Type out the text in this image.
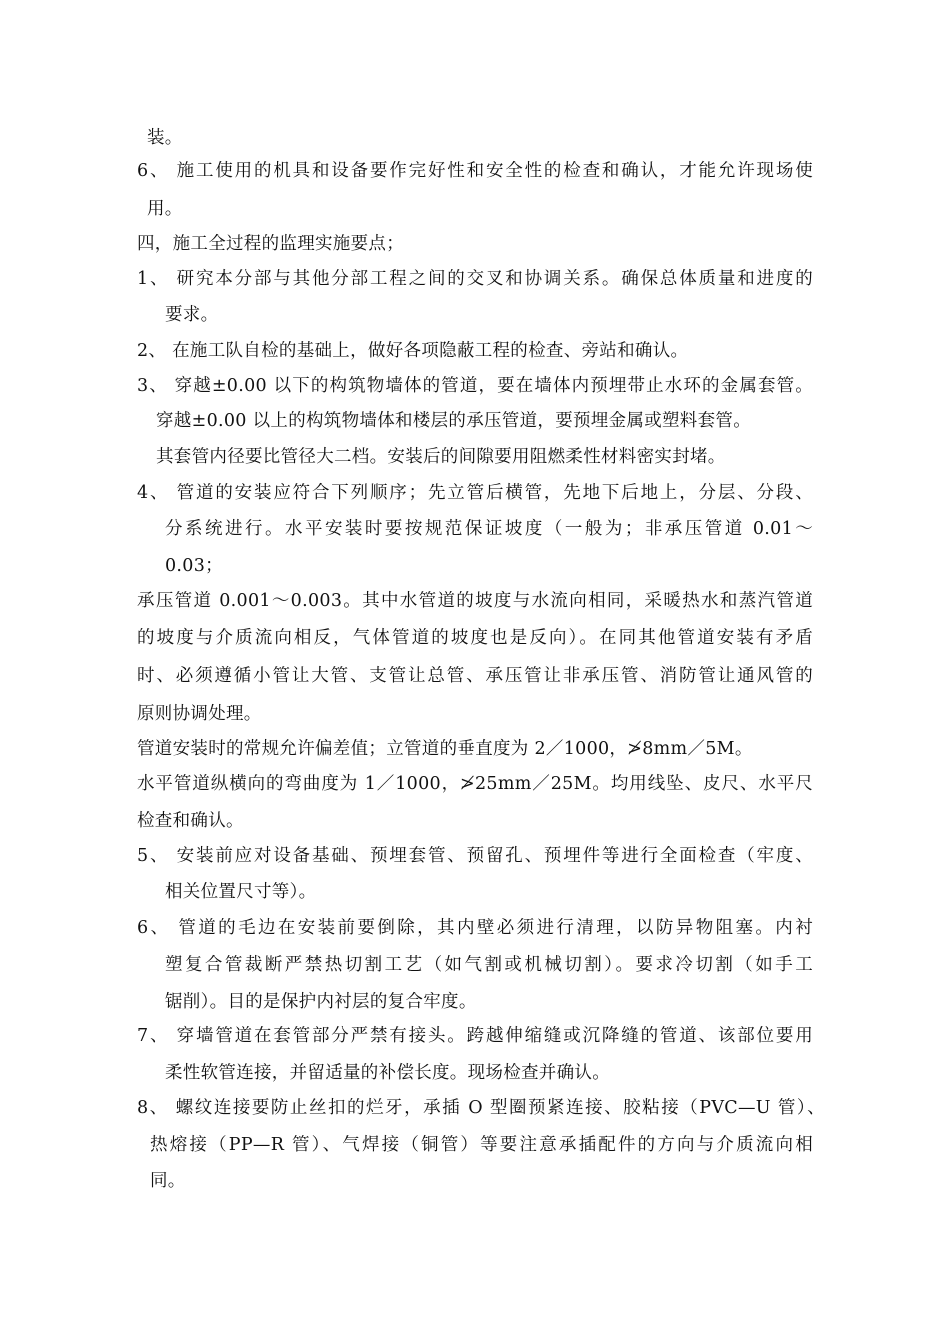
装。
6、 施工使用的机具和设备要作完好性和安全性的检查和确认，才能允许现场使
用。
四，施工全过程的监理实施要点；
1、 研究本分部与其他分部工程之间的交叉和协调关系。确保总体质量和进度的
要求。
2、 在施工队自检的基础上，做好各项隐蔽工程的检查、旁站和确认。
3、 穿越±0.00 以下的构筑物墙体的管道，要在墙体内预埋带止水环的金属套管。
穿越±0.00 以上的构筑物墙体和楼层的承压管道，要预埋金属或塑料套管。
其套管内径要比管径大二档。安装后的间隙要用阻燃柔性材料密实封堵。
4、 管道的安装应符合下列顺序；先立管后横管，先地下后地上，分层、分段、
分系统进行。水平安装时要按规范保证坡度（一般为；非承压管道 0.01～
0.03；
承压管道 0.001～0.003。其中水管道的坡度与水流向相同，采暖热水和蒸汽管道
的坡度与介质流向相反，气体管道的坡度也是反向）。在同其他管道安装有矛盾
时、必须遵循小管让大管、支管让总管、承压管让非承压管、消防管让通风管的
原则协调处理。
管道安装时的常规允许偏差值；立管道的垂直度为 2／1000，≯8mm／5M。
水平管道纵横向的弯曲度为 1／1000，≯25mm／25M。均用线坠、皮尺、水平尺
检查和确认。
5、 安装前应对设备基础、预埋套管、预留孔、预埋件等进行全面检查（牢度、
相关位置尺寸等）。
6、 管道的毛边在安装前要倒除，其内壁必须进行清理，以防异物阻塞。内衬
塑复合管裁断严禁热切割工艺（如气割或机械切割）。要求冷切割（如手工
锯削）。目的是保护内衬层的复合牢度。
7、 穿墙管道在套管部分严禁有接头。跨越伸缩缝或沉降缝的管道、该部位要用
柔性软管连接，并留适量的补偿长度。现场检查并确认。
8、 螺纹连接要防止丝扣的烂牙，承插 O 型圈预紧连接、胶粘接（PVC—U 管）、
热熔接（PP—R 管）、气焊接（铜管）等要注意承插配件的方向与介质流向相
同。
